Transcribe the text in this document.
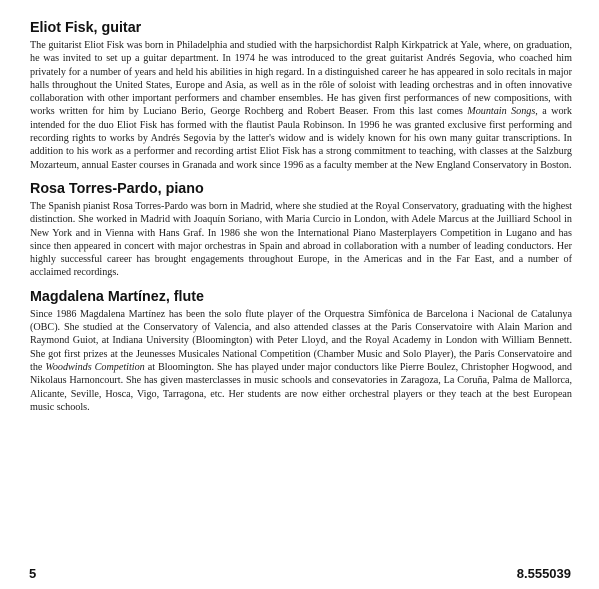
Eliot Fisk, guitar

The guitarist Eliot Fisk was born in Philadelphia and studied with the harpsichordist Ralph Kirkpatrick at Yale, where, on graduation, he was invited to set up a guitar department. In 1974 he was introduced to the great guitarist Andrés Segovia, who coached him privately for a number of years and held his abilities in high regard. In a distinguished career he has appeared in solo recitals in major halls throughout the United States, Europe and Asia, as well as in the rôle of soloist with leading orchestras and in often innovative collaboration with other important performers and chamber ensembles. He has given first performances of new compositions, with works written for him by Luciano Berio, George Rochberg and Robert Beaser. From this last comes Mountain Songs, a work intended for the duo Eliot Fisk has formed with the flautist Paula Robinson. In 1996 he was granted exclusive first performing and recording rights to works by Andrés Segovia by the latter's widow and is widely known for his own many guitar transcriptions. In addition to his work as a performer and recording artist Eliot Fisk has a strong commitment to teaching, with classes at the Salzburg Mozarteum, annual Easter courses in Granada and work since 1996 as a faculty member at the New England Conservatory in Boston.

Rosa Torres-Pardo, piano

The Spanish pianist Rosa Torres-Pardo was born in Madrid, where she studied at the Royal Conservatory, graduating with the highest distinction. She worked in Madrid with Joaquín Soriano, with Maria Curcio in London, with Adele Marcus at the Juilliard School in New York and in Vienna with Hans Graf. In 1986 she won the International Piano Masterplayers Competition in Lugano and has since then appeared in concert with major orchestras in Spain and abroad in collaboration with a number of leading conductors. Her highly successful career has brought engagements throughout Europe, in the Americas and in the Far East, and a number of acclaimed recordings.

Magdalena Martínez, flute

Since 1986 Magdalena Martínez has been the solo flute player of the Orquestra Simfònica de Barcelona i Nacional de Catalunya (OBC). She studied at the Conservatory of Valencia, and also attended classes at the Paris Conservatoire with Alain Marion and Raymond Guiot, at Indiana University (Bloomington) with Peter Lloyd, and the Royal Academy in London with William Bennett. She got first prizes at the Jeunesses Musicales National Competition (Chamber Music and Solo Player), the Paris Conservatoire and the Woodwinds Competition at Bloomington. She has played under major conductors like Pierre Boulez, Christopher Hogwood, and Nikolaus Harnoncourt. She has given masterclasses in music schools and consevatories in Zaragoza, La Coruña, Palma de Mallorca, Alicante, Seville, Hosca, Vigo, Tarragona, etc. Her students are now either orchestral players or they teach at the best European music schools.

5	8.555039
